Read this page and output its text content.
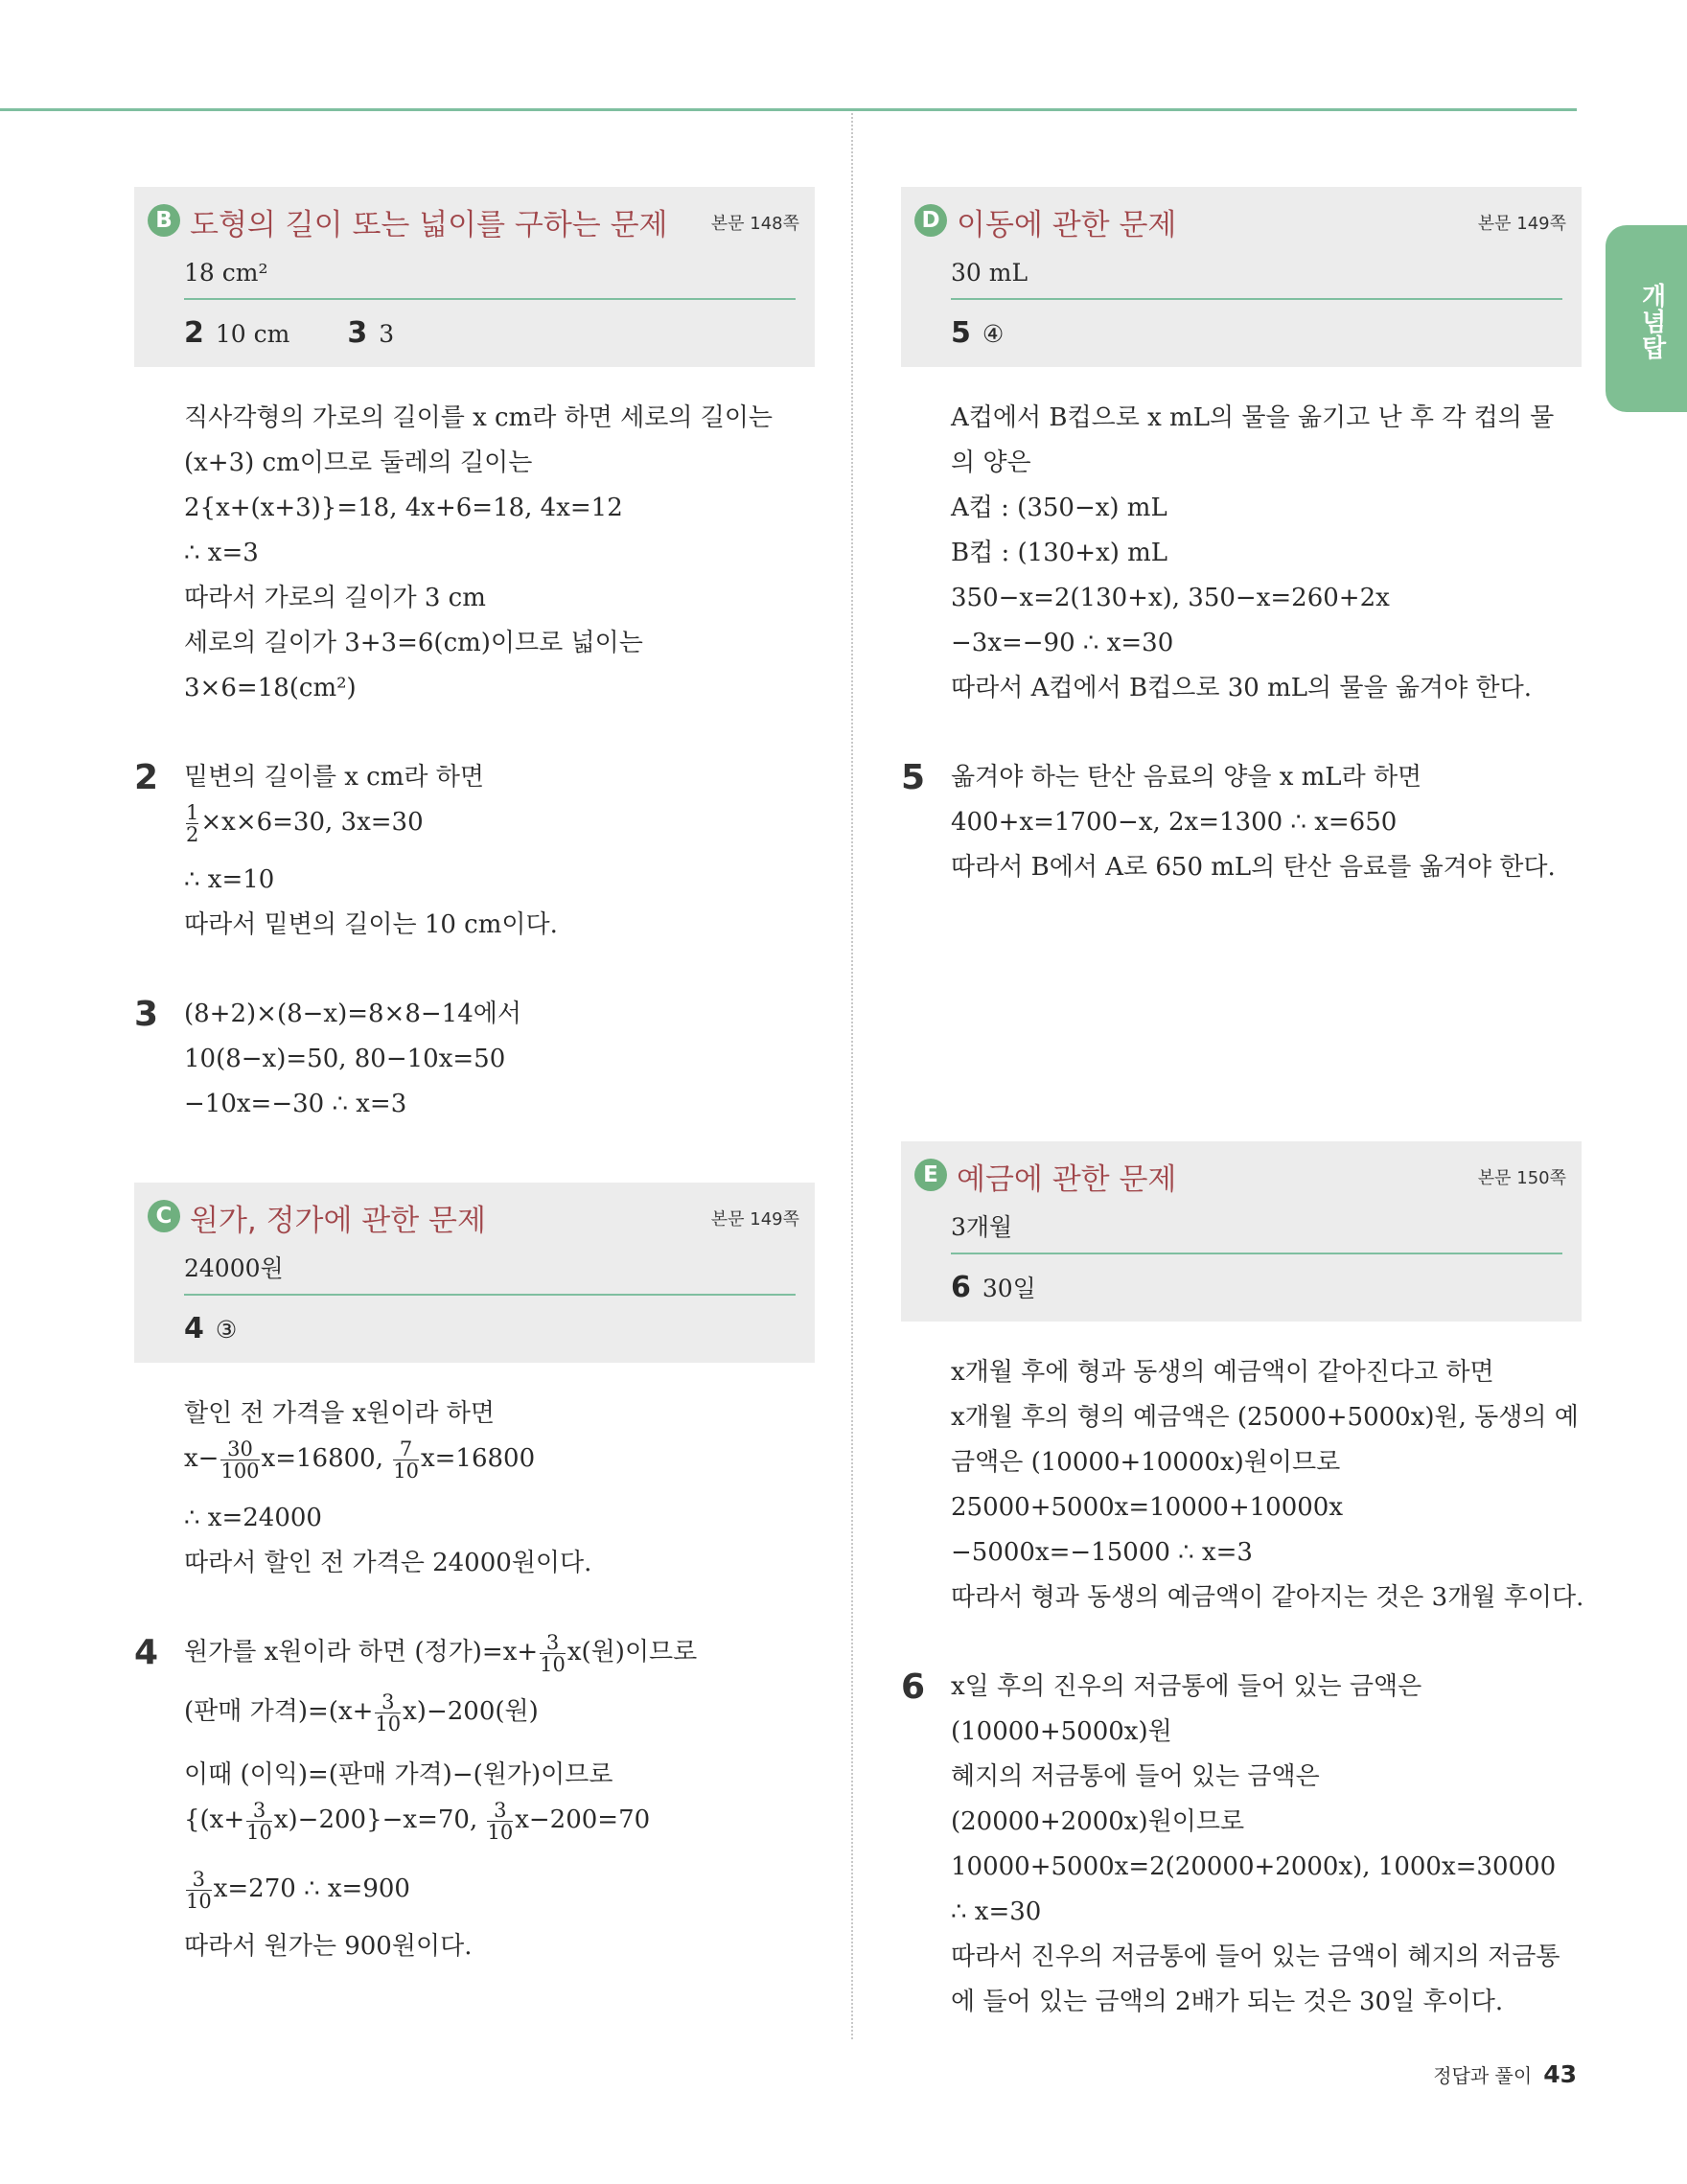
개념탑
B 도형의 길이 또는 넓이를 구하는 문제	본문 148쪽
18 cm²
2 10 cm 3 3
직사각형의 가로의 길이를 x cm라 하면 세로의 길이는
(x+3) cm이므로 둘레의 길이는
2{x+(x+3)}=18, 4x+6=18, 4x=12
∴ x=3
따라서 가로의 길이가 3 cm
세로의 길이가 3+3=6(cm)이므로 넓이는
3×6=18(cm²)
2 밑변의 길이를 x cm라 하면
$\frac{1}{2} \times x\times 6=30$, 3x=30
∴ x=10
따라서 밑변의 길이는 10 cm이다.
3 (8+2)×(8−x)=8×8−14에서
10(8−x)=50, 80−10x=50
−10x=−30 ∴ x=3
C 원가, 정가에 관한 문제	본문 149쪽
24000원
4 ③
할인 전 가격을 x원이라 하면
$x- \frac{30}{100} x=16800$, $\frac{7}{10} x=16800$
∴ x=24000
따라서 할인 전 가격은 24000원이다.
4 원가를 x원이라 하면 (정가)$=x+ \frac{3}{10} x$(원)이므로
(판매 가격)$=(x+ \frac{3}{10} x)-200$(원)
이때 (이익)=(판매 가격)−(원가)이므로
$\{(x+ \frac{3}{10} x)-200\}-x=70$, $\frac{3}{10} x-200=70$
$\frac{3}{10} x=270$ ∴ x=900
따라서 원가는 900원이다.
D 이동에 관한 문제	본문 149쪽
30 mL
5 ④
A컵에서 B컵으로 x mL의 물을 옮기고 난 후 각 컵의 물
의 양은
A컵 : (350−x) mL
B컵 : (130+x) mL
350−x=2(130+x), 350−x=260+2x
−3x=−90 ∴ x=30
따라서 A컵에서 B컵으로 30 mL의 물을 옮겨야 한다.
5 옮겨야 하는 탄산 음료의 양을 x mL라 하면
400+x=1700−x, 2x=1300 ∴ x=650
따라서 B에서 A로 650 mL의 탄산 음료를 옮겨야 한다.
E 예금에 관한 문제	본문 150쪽
3개월
6 30일
x개월 후에 형과 동생의 예금액이 같아진다고 하면
x개월 후의 형의 예금액은 (25000+5000x)원, 동생의 예
금액은 (10000+10000x)원이므로
25000+5000x=10000+10000x
−5000x=−15000 ∴ x=3
따라서 형과 동생의 예금액이 같아지는 것은 3개월 후이다.
6 x일 후의 진우의 저금통에 들어 있는 금액은
(10000+5000x)원
혜지의 저금통에 들어 있는 금액은
(20000+2000x)원이므로
10000+5000x=2(20000+2000x), 1000x=30000
∴ x=30
따라서 진우의 저금통에 들어 있는 금액이 혜지의 저금통
에 들어 있는 금액의 2배가 되는 것은 30일 후이다.
정답과 풀이 43
